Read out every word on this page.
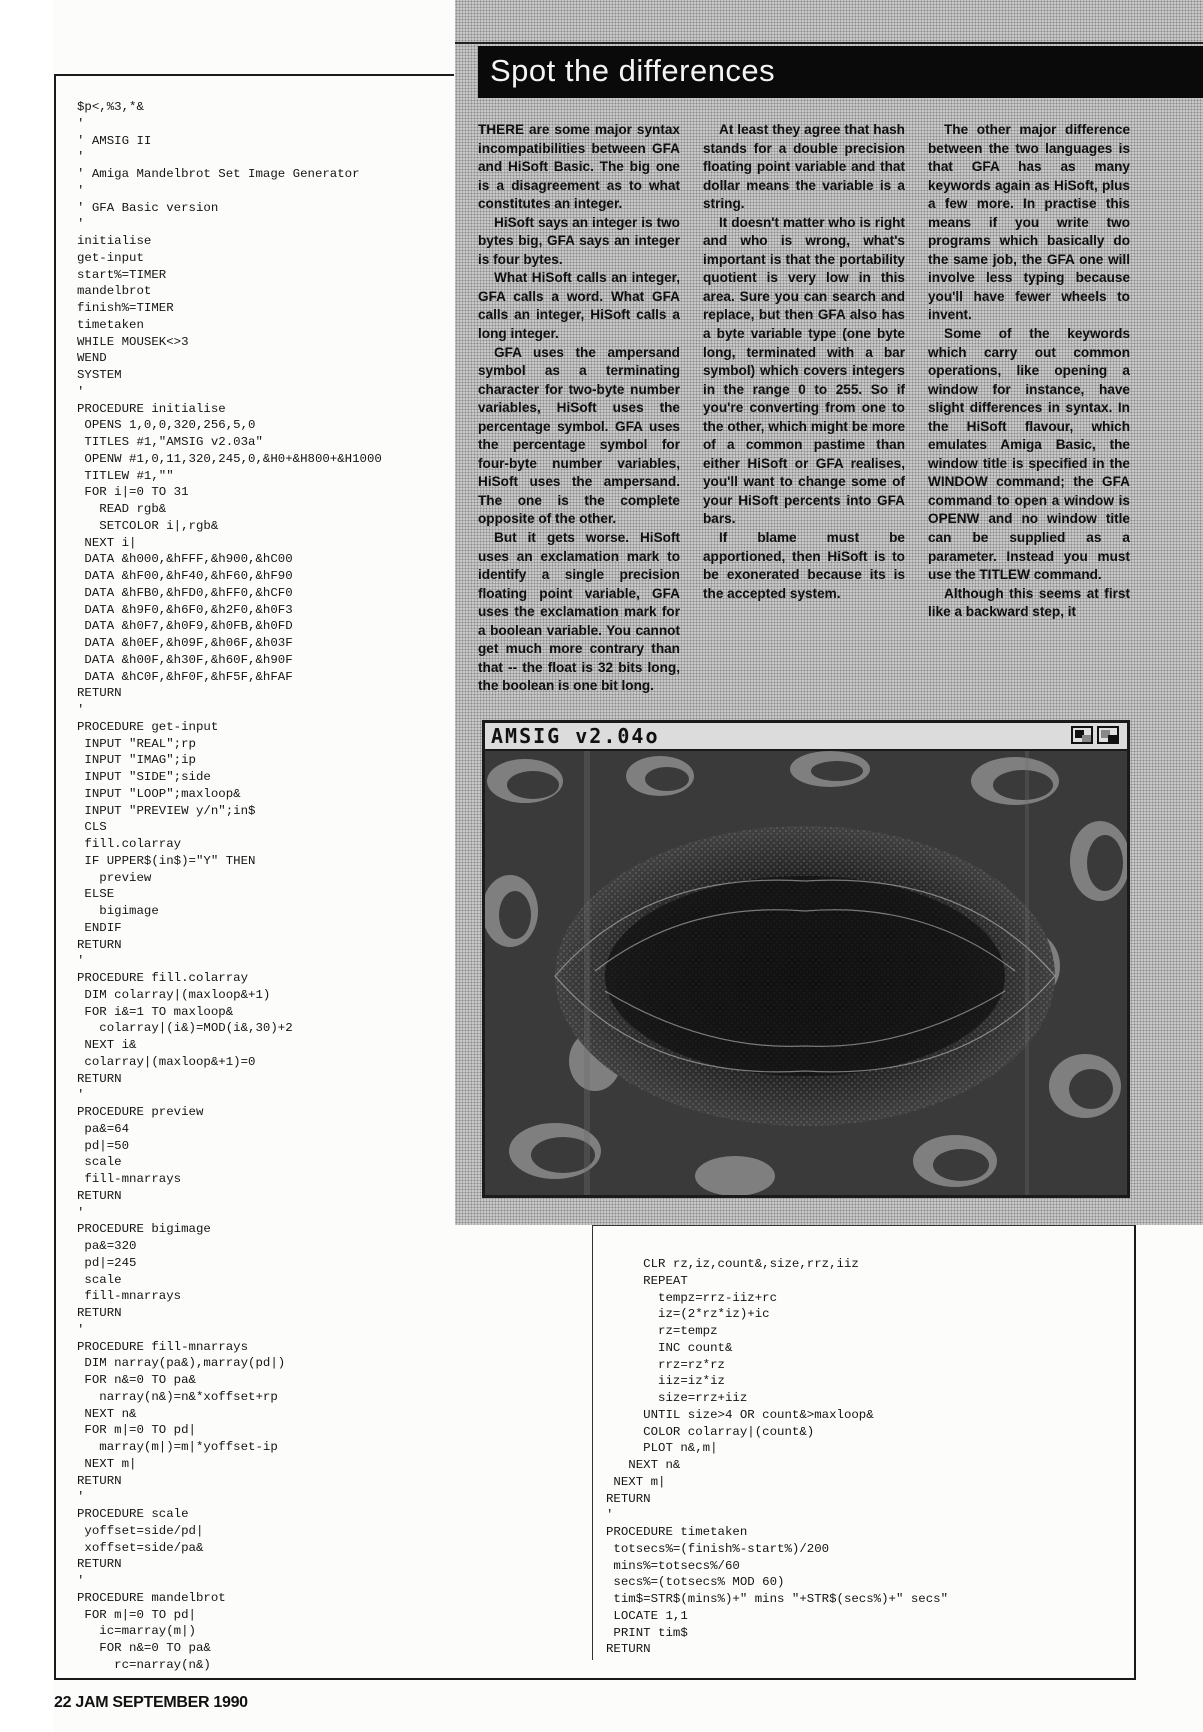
Spot the differences

THERE are some major syntax incompatibilities between GFA and HiSoft Basic. The big one is a disagreement as to what constitutes an integer.

HiSoft says an integer is two bytes big, GFA says an integer is four bytes.

What HiSoft calls an integer, GFA calls a word. What GFA calls an integer, HiSoft calls a long integer.

GFA uses the ampersand symbol as a terminating character for two-byte number variables, HiSoft uses the percentage symbol. GFA uses the percentage symbol for four-byte number variables, HiSoft uses the ampersand. The one is the complete opposite of the other.

But it gets worse. HiSoft uses an exclamation mark to identify a single precision floating point variable, GFA uses the exclamation mark for a boolean variable. You cannot get much more contrary than that -- the float is 32 bits long, the boolean is one bit long.

At least they agree that hash stands for a double precision floating point variable and that dollar means the variable is a string.

It doesn't matter who is right and who is wrong, what's important is that the portability quotient is very low in this area. Sure you can search and replace, but then GFA also has a byte variable type (one byte long, terminated with a bar symbol) which covers integers in the range 0 to 255. So if you're converting from one to the other, which might be more of a common pastime than either HiSoft or GFA realises, you'll want to change some of your HiSoft percents into GFA bars.

If blame must be apportioned, then HiSoft is to be exonerated because its is the accepted system.

The other major difference between the two languages is that GFA has as many keywords again as HiSoft, plus a few more. In practise this means if you write two programs which basically do the same job, the GFA one will involve less typing because you'll have fewer wheels to invent.

Some of the keywords which carry out common operations, like opening a window for instance, have slight differences in syntax. In the HiSoft flavour, which emulates Amiga Basic, the window title is specified in the WINDOW command; the GFA command to open a window is OPENW and no window title can be supplied as a parameter. Instead you must use the TITLEW command.

Although this seems at first like a backward step, it

AMSIG v2.04o
$p<,%3,*&
'
' AMSIG II
'
' Amiga Mandelbrot Set Image Generator
'
' GFA Basic version
'
initialise
get-input
start%=TIMER
mandelbrot
finish%=TIMER
timetaken
WHILE MOUSEK<>3
WEND
SYSTEM
'
PROCEDURE initialise
OPENS 1,0,0,320,256,5,0
TITLES #1,"AMSIG v2.03a"
OPENW #1,0,11,320,245,0,&H0+&H800+&H1000
TITLEW #1,""
FOR i|=0 TO 31
READ rgb&
SETCOLOR i|,rgb&
NEXT i|
DATA &h000,&hFFF,&h900,&hC00
DATA &hF00,&hF40,&hF60,&hF90
DATA &hFB0,&hFD0,&hFF0,&hCF0
DATA &h9F0,&h6F0,&h2F0,&h0F3
DATA &h0F7,&h0F9,&h0FB,&h0FD
DATA &h0EF,&h09F,&h06F,&h03F
DATA &h00F,&h30F,&h60F,&h90F
DATA &hC0F,&hF0F,&hF5F,&hFAF
RETURN
'
PROCEDURE get-input
INPUT "REAL";rp
INPUT "IMAG";ip
INPUT "SIDE";side
INPUT "LOOP";maxloop&
INPUT "PREVIEW y/n";in$
CLS
fill.colarray
IF UPPER$(in$)="Y" THEN
preview
ELSE
bigimage
ENDIF
RETURN
'
PROCEDURE fill.colarray
DIM colarray|(maxloop&+1)
FOR i&=1 TO maxloop&
colarray|(i&)=MOD(i&,30)+2
NEXT i&
colarray|(maxloop&+1)=0
RETURN
'
PROCEDURE preview
pa&=64
pd|=50
scale
fill-mnarrays
RETURN
'
PROCEDURE bigimage
pa&=320
pd|=245
scale
fill-mnarrays
RETURN
'
PROCEDURE fill-mnarrays
DIM narray(pa&),marray(pd|)
FOR n&=0 TO pa&
narray(n&)=n&*xoffset+rp
NEXT n&
FOR m|=0 TO pd|
marray(m|)=m|*yoffset-ip
NEXT m|
RETURN
'
PROCEDURE scale
yoffset=side/pd|
xoffset=side/pa&
RETURN
'
PROCEDURE mandelbrot
FOR m|=0 TO pd|
ic=marray(m|)
FOR n&=0 TO pa&
rc=narray(n&)
CLR rz,iz,count&,size,rrz,iiz
REPEAT
tempz=rrz-iiz+rc
iz=(2*rz*iz)+ic
rz=tempz
INC count&
rrz=rz*rz
iiz=iz*iz
size=rrz+iiz
UNTIL size>4 OR count&>maxloop&
COLOR colarray|(count&)
PLOT n&,m|
NEXT n&
NEXT m|
RETURN
'
PROCEDURE timetaken
totsecs%=(finish%-start%)/200
mins%=totsecs%/60
secs%=(totsecs% MOD 60)
tim$=STR$(mins%)+" mins "+STR$(secs%)+" secs"
LOCATE 1,1
PRINT tim$
RETURN
22 JAM SEPTEMBER 1990
